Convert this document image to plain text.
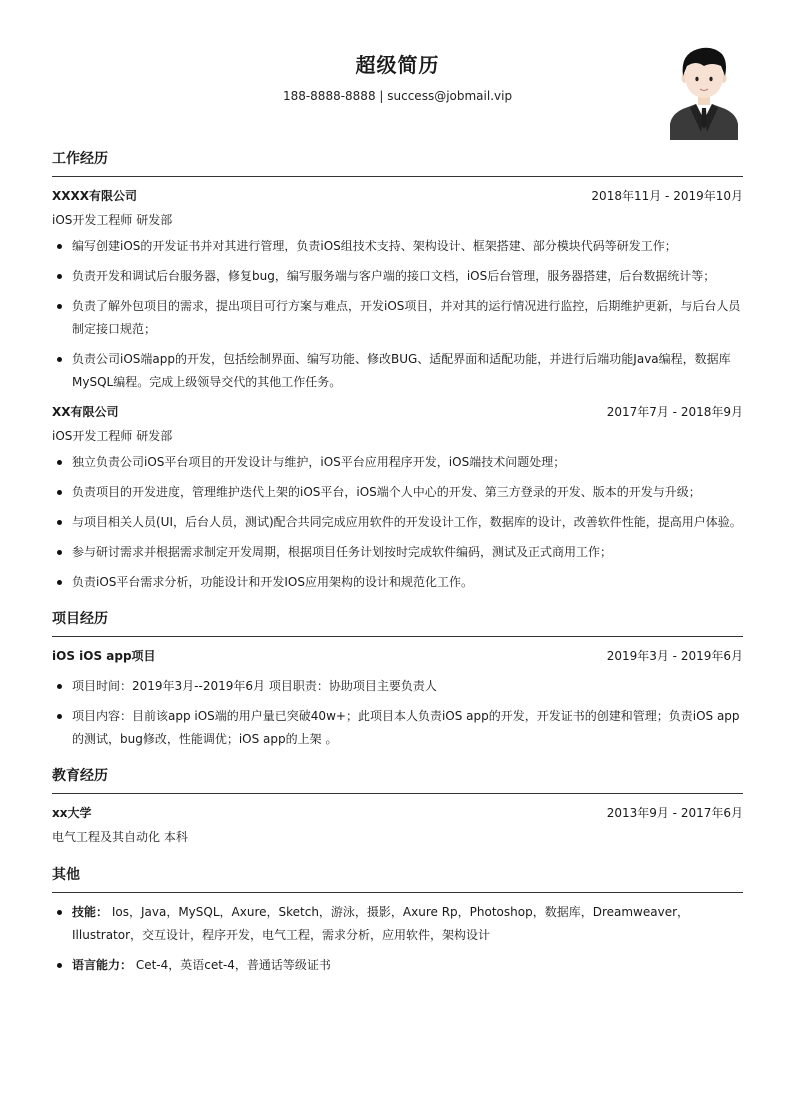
超级简历
188-8888-8888 | success@jobmail.vip
工作经历
XXXX有限公司	2018年11月 - 2019年10月
iOS开发工程师 研发部
编写创建iOS的开发证书并对其进行管理，负责iOS组技术支持、架构设计、框架搭建、部分模块代码等研发工作；
负责开发和调试后台服务器，修复bug，编写服务端与客户端的接口文档，iOS后台管理，服务器搭建，后台数据统计等；
负责了解外包项目的需求，提出项目可行方案与难点，开发iOS项目，并对其的运行情况进行监控，后期维护更新，与后台人员制定接口规范；
负责公司iOS端app的开发，包括绘制界面、编写功能、修改BUG、适配界面和适配功能，并进行后端功能Java编程，数据库MySQL编程。完成上级领导交代的其他工作任务。
XX有限公司	2017年7月 - 2018年9月
iOS开发工程师 研发部
独立负责公司iOS平台项目的开发设计与维护，iOS平台应用程序开发，iOS端技术问题处理；
负责项目的开发进度，管理维护迭代上架的iOS平台，iOS端个人中心的开发、第三方登录的开发、版本的开发与升级；
与项目相关人员(UI，后台人员，测试)配合共同完成应用软件的开发设计工作，数据库的设计，改善软件性能，提高用户体验。
参与研讨需求并根据需求制定开发周期，根据项目任务计划按时完成软件编码，测试及正式商用工作；
负责iOS平台需求分析，功能设计和开发IOS应用架构的设计和规范化工作。
项目经历
iOS iOS app项目	2019年3月 - 2019年6月
项目时间：2019年3月--2019年6月 项目职责：协助项目主要负责人
项目内容：目前该app iOS端的用户量已突破40w+；此项目本人负责iOS app的开发，开发证书的创建和管理；负责iOS app的测试，bug修改，性能调优；iOS app的上架 。
教育经历
xx大学	2013年9月 - 2017年6月
电气工程及其自动化 本科
其他
技能： Ios，Java，MySQL，Axure，Sketch，游泳，摄影，Axure Rp，Photoshop，数据库，Dreamweaver，Illustrator，交互设计，程序开发，电气工程，需求分析，应用软件，架构设计
语言能力： Cet-4，英语cet-4，普通话等级证书
